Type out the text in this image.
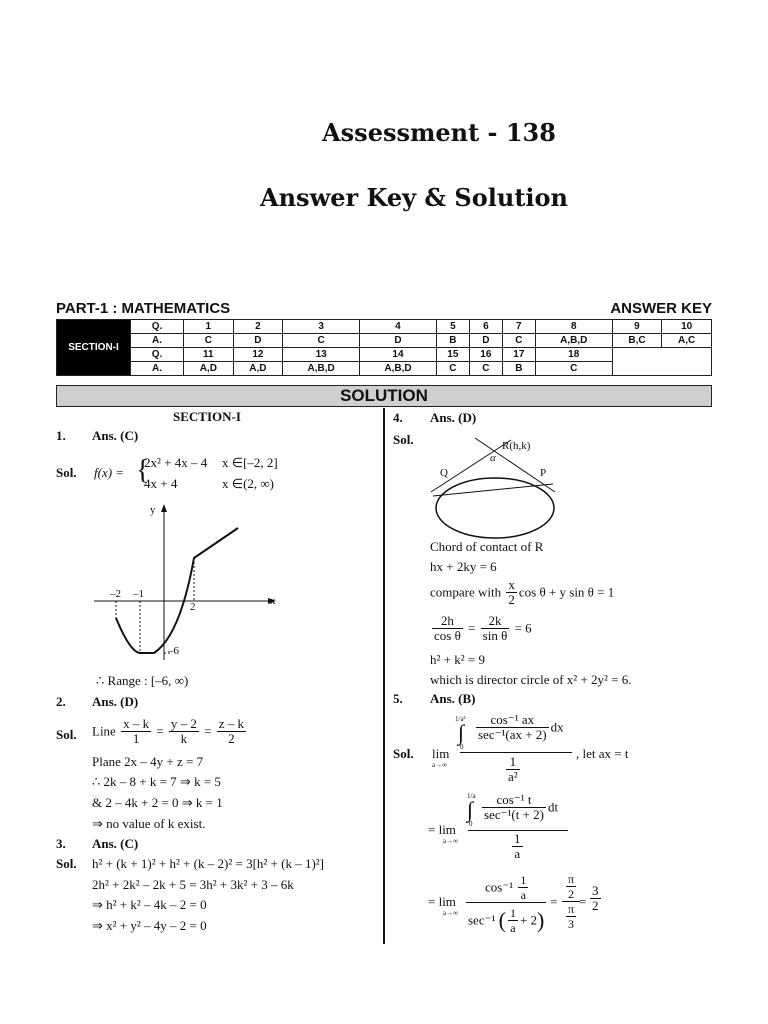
Assessment - 138
Answer Key & Solution
PART-1 : MATHEMATICS	ANSWER KEY
SECTION-I	Q.	1	2	3	4	5	6	7	8	9	10
	A.	C	D	C	D	B	D	C	A,B,D	B,C	A,C
	Q.	11	12	13	14	15	16	17	18		
	A.	A,D	A,D	A,B,D	A,B,D	C	C	B	C		
SOLUTION
SECTION-I
1. Ans. (C)
Sol. f(x) = {
2x² + 4x – 4 x ∈[–2, 2]
4x + 4	x ∈(2, ∞)
y
x
–2 –1
2
–6
∴ Range : [–6, ∞)
2. Ans. (D)
Sol. Line $\frac{x - k}{1} = \frac{y - 2}{k} = \frac{z - k}{2}$
Plane 2x – 4y + z = 7
∴ 2k – 8 + k = 7 ⇒ k = 5
& 2 – 4k + 2 = 0 ⇒ k = 1
⇒ no value of k exist.
3. Ans. (C)
Sol. h² + (k + 1)² + h² + (k – 2)² = 3[h² + (k – 1)²]
2h² + 2k² – 2k + 5 = 3h² + 3k² + 3 – 6k
⇒ h² + k² – 4k – 2 = 0
⇒ x² + y² – 4y – 2 = 0
4. Ans. (D)
Sol.	R(h,k)
α
Q	P
Chord of contact of R
hx + 2ky = 6
compare with $\frac{x}{2}$ cos θ + y sin θ = 1
$\frac{2h}{\text{cos θ}} = \frac{2k}{\text{sin θ}} = 6$
h² + k² = 9
which is director circle of x² + 2y² = 6.
5. Ans. (B)
Sol. lim
a→∞
1/a²
∫
0
$\frac{\text{cos⁻¹ ax}}{\text{sec⁻¹(ax + 2)}}$ dx
$\frac{1}{\text{a²}}$
, let ax = t
= lim
a→∞
1/a
∫
0
$\frac{\text{cos⁻¹ t}}{\text{sec⁻¹(t + 2)}}$ dt
$\frac{1}{a}$
= lim
a→∞
$\cos^{-1} \frac{1}{a}$
sec⁻¹ ( $\frac{1}{a} + 2$)
= $\frac{\frac{\pi}{2}}{\frac{\pi}{3}}$
= $\frac{3}{2}$
